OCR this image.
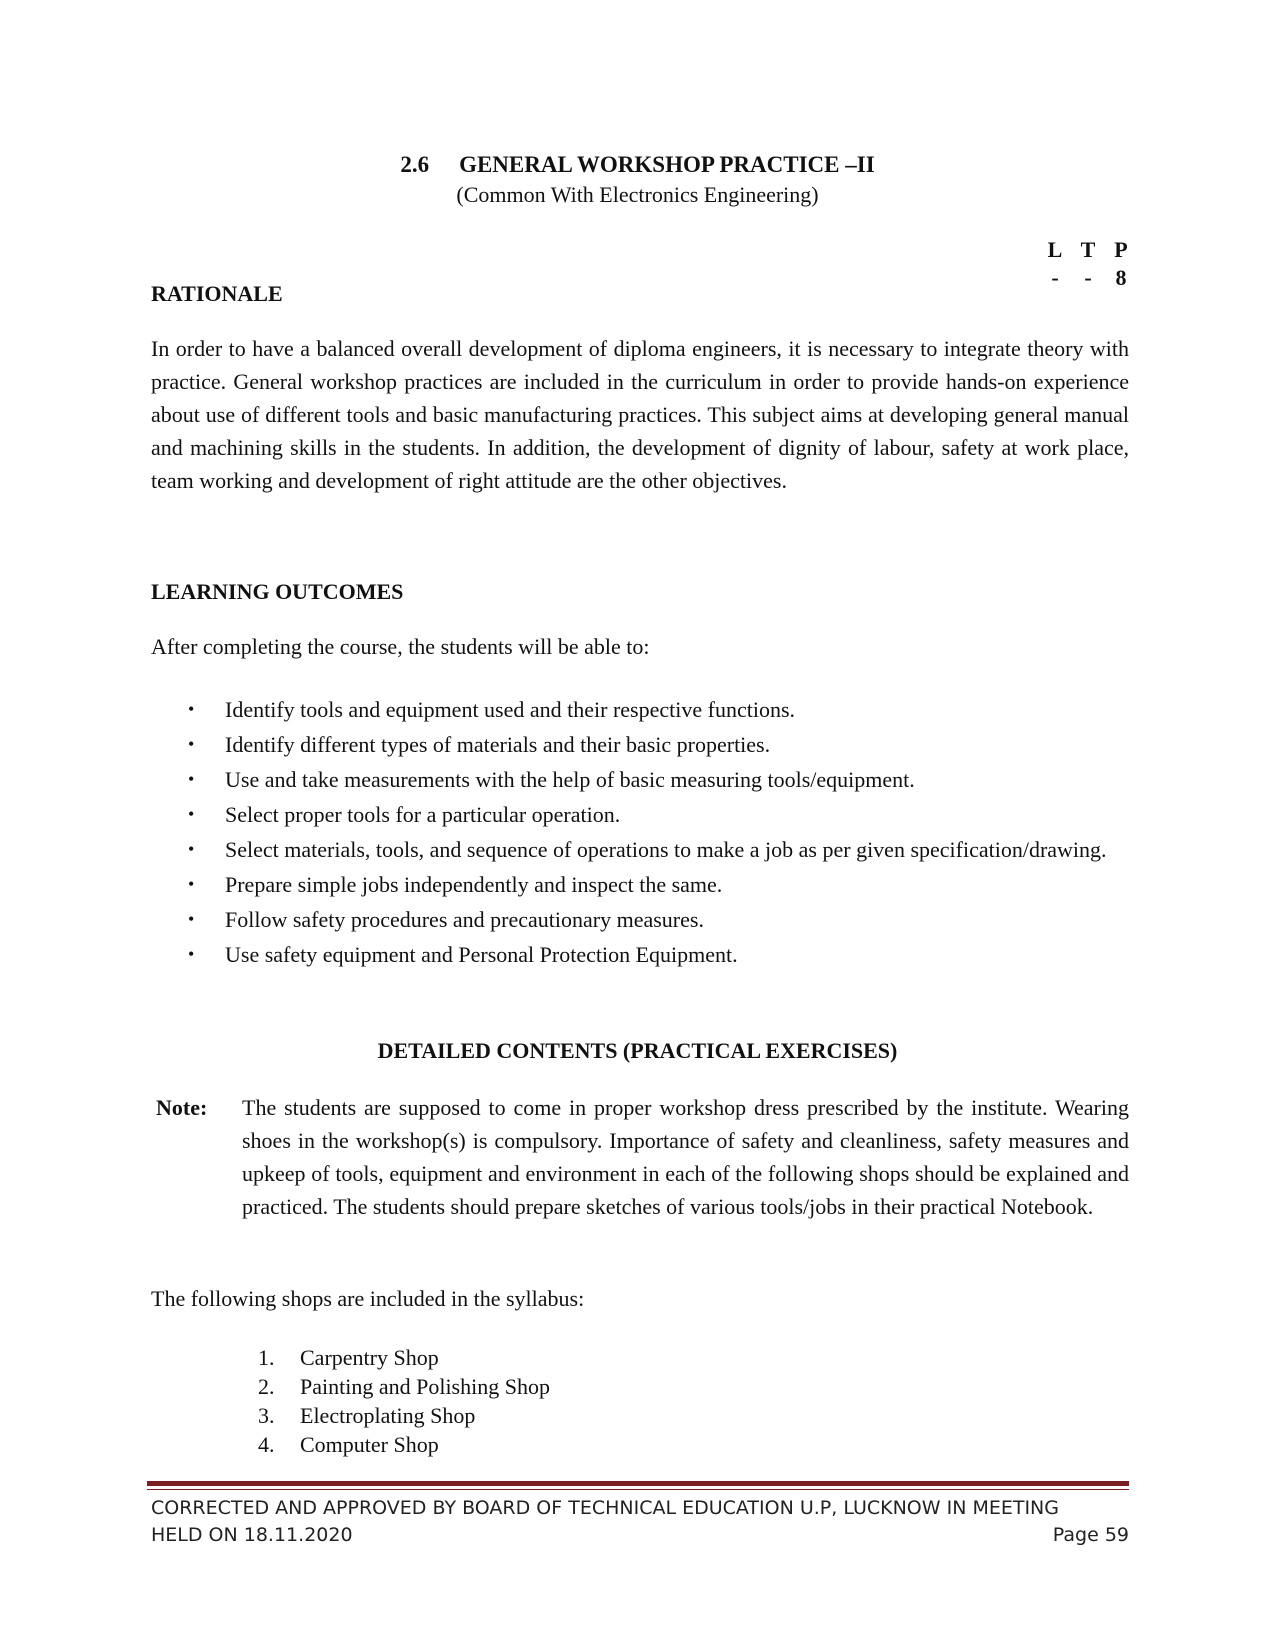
2.6 GENERAL WORKSHOP PRACTICE –II
(Common With Electronics Engineering)
L T P
- - 8
RATIONALE
In order to have a balanced overall development of diploma engineers, it is necessary to integrate theory with practice. General workshop practices are included in the curriculum in order to provide hands-on experience about use of different tools and basic manufacturing practices. This subject aims at developing general manual and machining skills in the students. In addition, the development of dignity of labour, safety at work place, team working and development of right attitude are the other objectives.
LEARNING OUTCOMES
After completing the course, the students will be able to:
• Identify tools and equipment used and their respective functions.
• Identify different types of materials and their basic properties.
• Use and take measurements with the help of basic measuring tools/equipment.
• Select proper tools for a particular operation.
• Select materials, tools, and sequence of operations to make a job as per given specification/drawing.
• Prepare simple jobs independently and inspect the same.
• Follow safety procedures and precautionary measures.
• Use safety equipment and Personal Protection Equipment.
DETAILED CONTENTS (PRACTICAL EXERCISES)
Note: The students are supposed to come in proper workshop dress prescribed by the institute. Wearing shoes in the workshop(s) is compulsory. Importance of safety and cleanliness, safety measures and upkeep of tools, equipment and environment in each of the following shops should be explained and practiced. The students should prepare sketches of various tools/jobs in their practical Notebook.
The following shops are included in the syllabus:
1.	Carpentry Shop
2.	Painting and Polishing Shop
3.	Electroplating Shop
4.	Computer Shop
CORRECTED AND APPROVED BY BOARD OF TECHNICAL EDUCATION U.P, LUCKNOW IN MEETING
HELD ON 18.11.2020	Page 59
